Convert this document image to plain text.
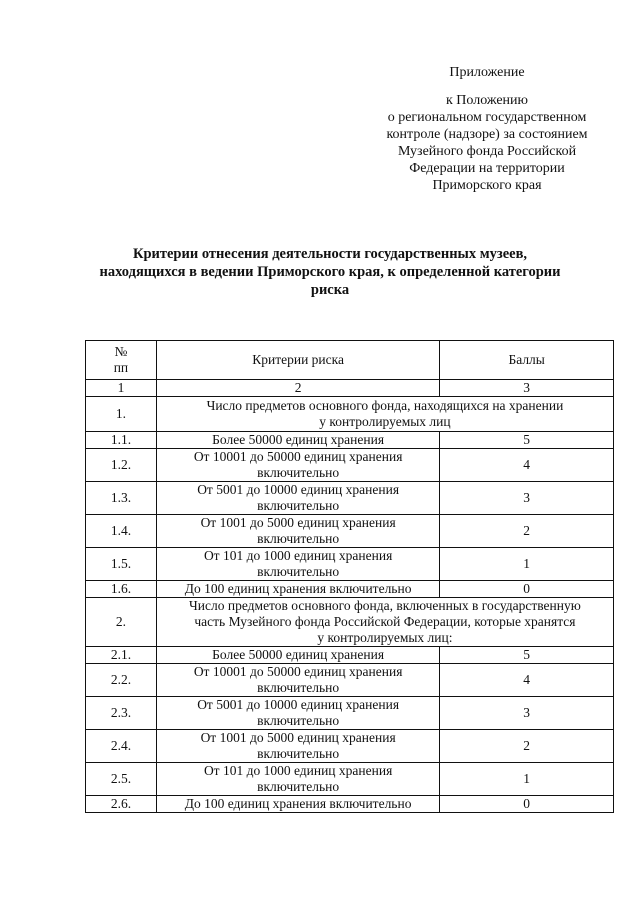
Приложение
к Положению
о региональном государственном
контроле (надзоре) за состоянием
Музейного фонда Российской
Федерации на территории
Приморского края
Критерии отнесения деятельности государственных музеев,
находящихся в ведении Приморского края, к определенной категории
риска
№
пп	Критерии риска	Баллы
1	2	3
1.	Число предметов основного фонда, находящихся на хранении
у контролируемых лиц	

1.1.	Более 50000 единиц хранения	5
1.2.	От 10001 до 50000 единиц хранения
включительно	4
1.3.	От 5001 до 10000 единиц хранения
включительно	3
1.4.	От 1001 до 5000 единиц хранения
включительно	2
1.5.	От 101 до 1000 единиц хранения
включительно	1
1.6.	До 100 единиц хранения включительно	0
2.	Число предметов основного фонда, включенных в государственную
часть Музейного фонда Российской Федерации, которые хранятся
у контролируемых лиц:	

2.1.	Более 50000 единиц хранения	5
2.2.	От 10001 до 50000 единиц хранения
включительно	4
2.3.	От 5001 до 10000 единиц хранения
включительно	3
2.4.	От 1001 до 5000 единиц хранения
включительно	2
2.5.	От 101 до 1000 единиц хранения
включительно	1
2.6.	До 100 единиц хранения включительно	0
